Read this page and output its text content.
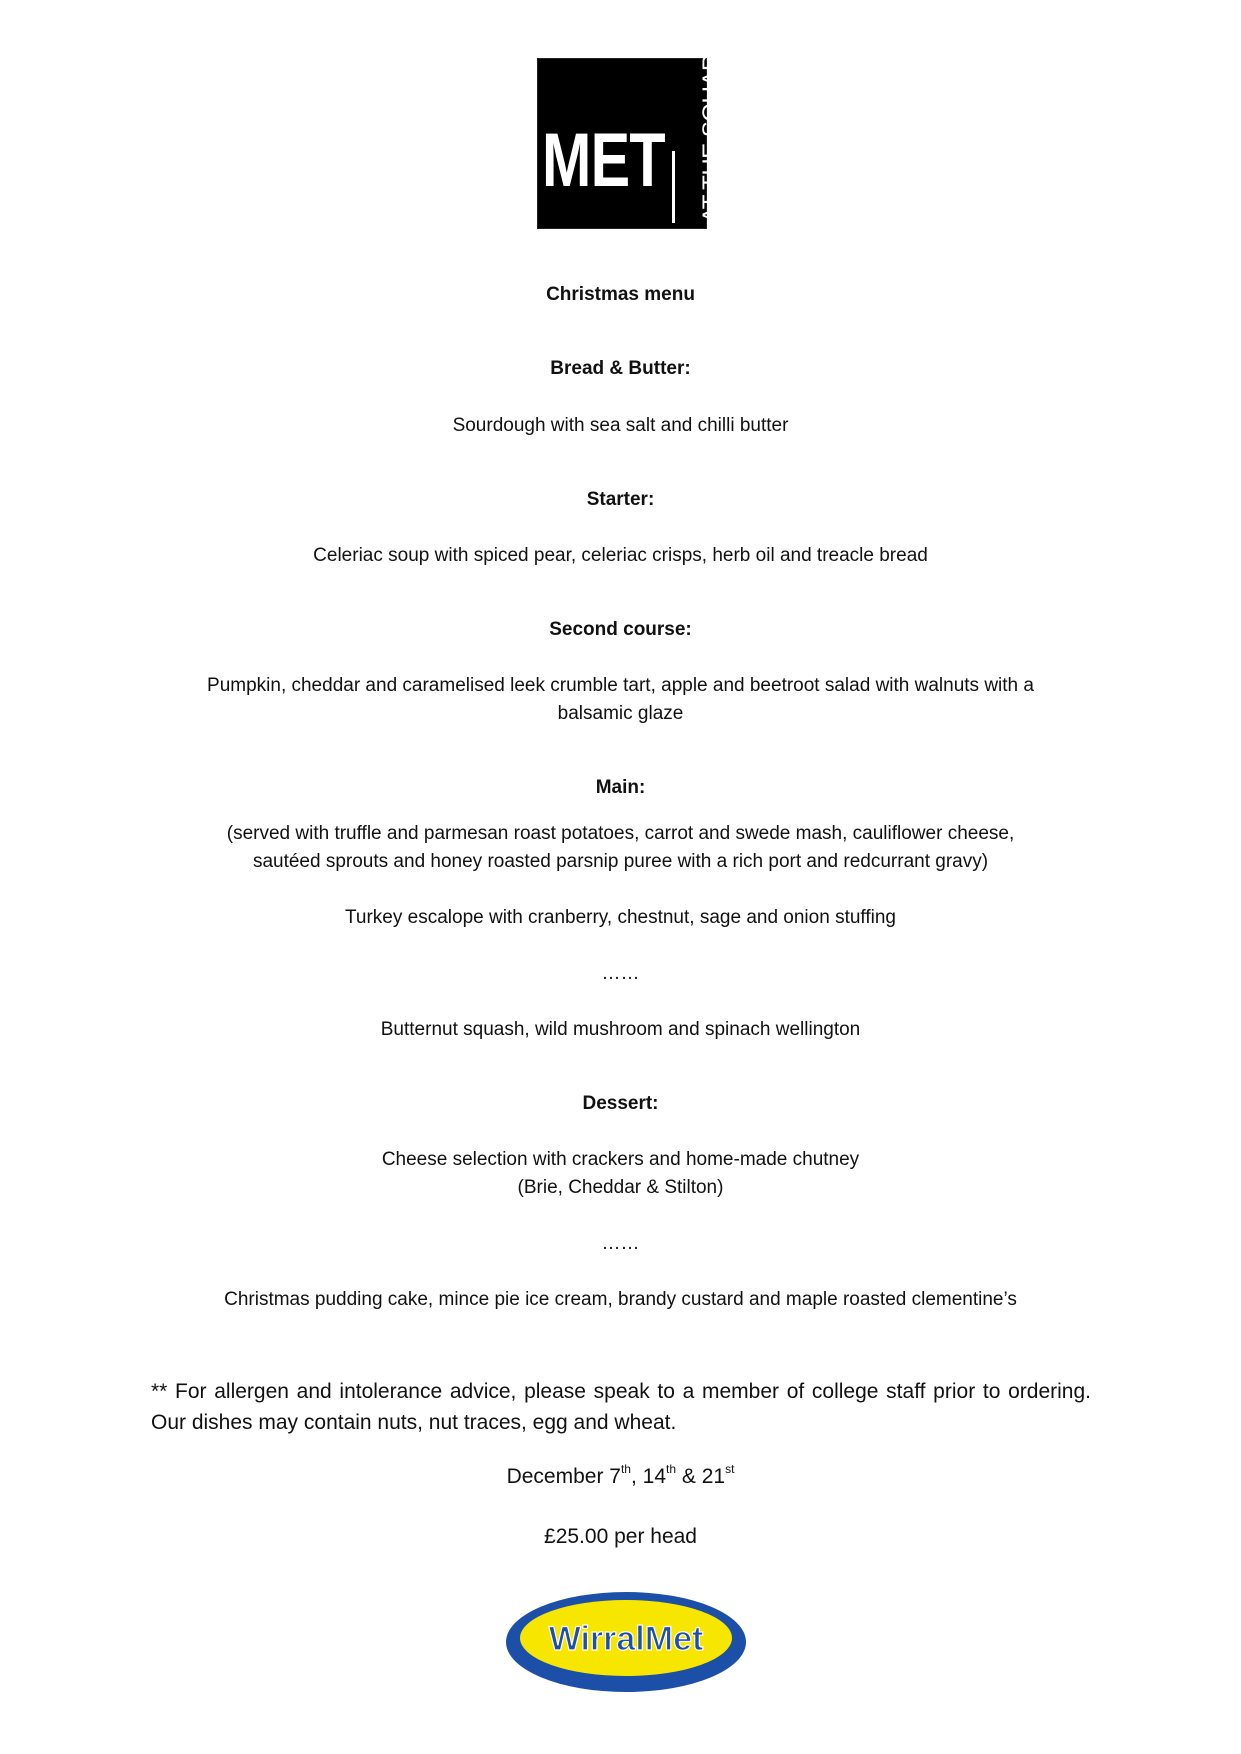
MET AT THE SQUARE
Christmas menu
Bread & Butter:
Sourdough with sea salt and chilli butter
Starter:
Celeriac soup with spiced pear, celeriac crisps, herb oil and treacle bread
Second course:
Pumpkin, cheddar and caramelised leek crumble tart, apple and beetroot salad with walnuts with a
balsamic glaze
Main:
(served with truffle and parmesan roast potatoes, carrot and swede mash, cauliflower cheese,
sautéed sprouts and honey roasted parsnip puree with a rich port and redcurrant gravy)
Turkey escalope with cranberry, chestnut, sage and onion stuffing
……
Butternut squash, wild mushroom and spinach wellington
Dessert:
Cheese selection with crackers and home-made chutney
(Brie, Cheddar & Stilton)
……
Christmas pudding cake, mince pie ice cream, brandy custard and maple roasted clementine’s
** For allergen and intolerance advice, please speak to a member of college staff prior to ordering. Our dishes may contain nuts, nut traces, egg and wheat.
December 7th, 14th & 21st
£25.00 per head
WirralMet
